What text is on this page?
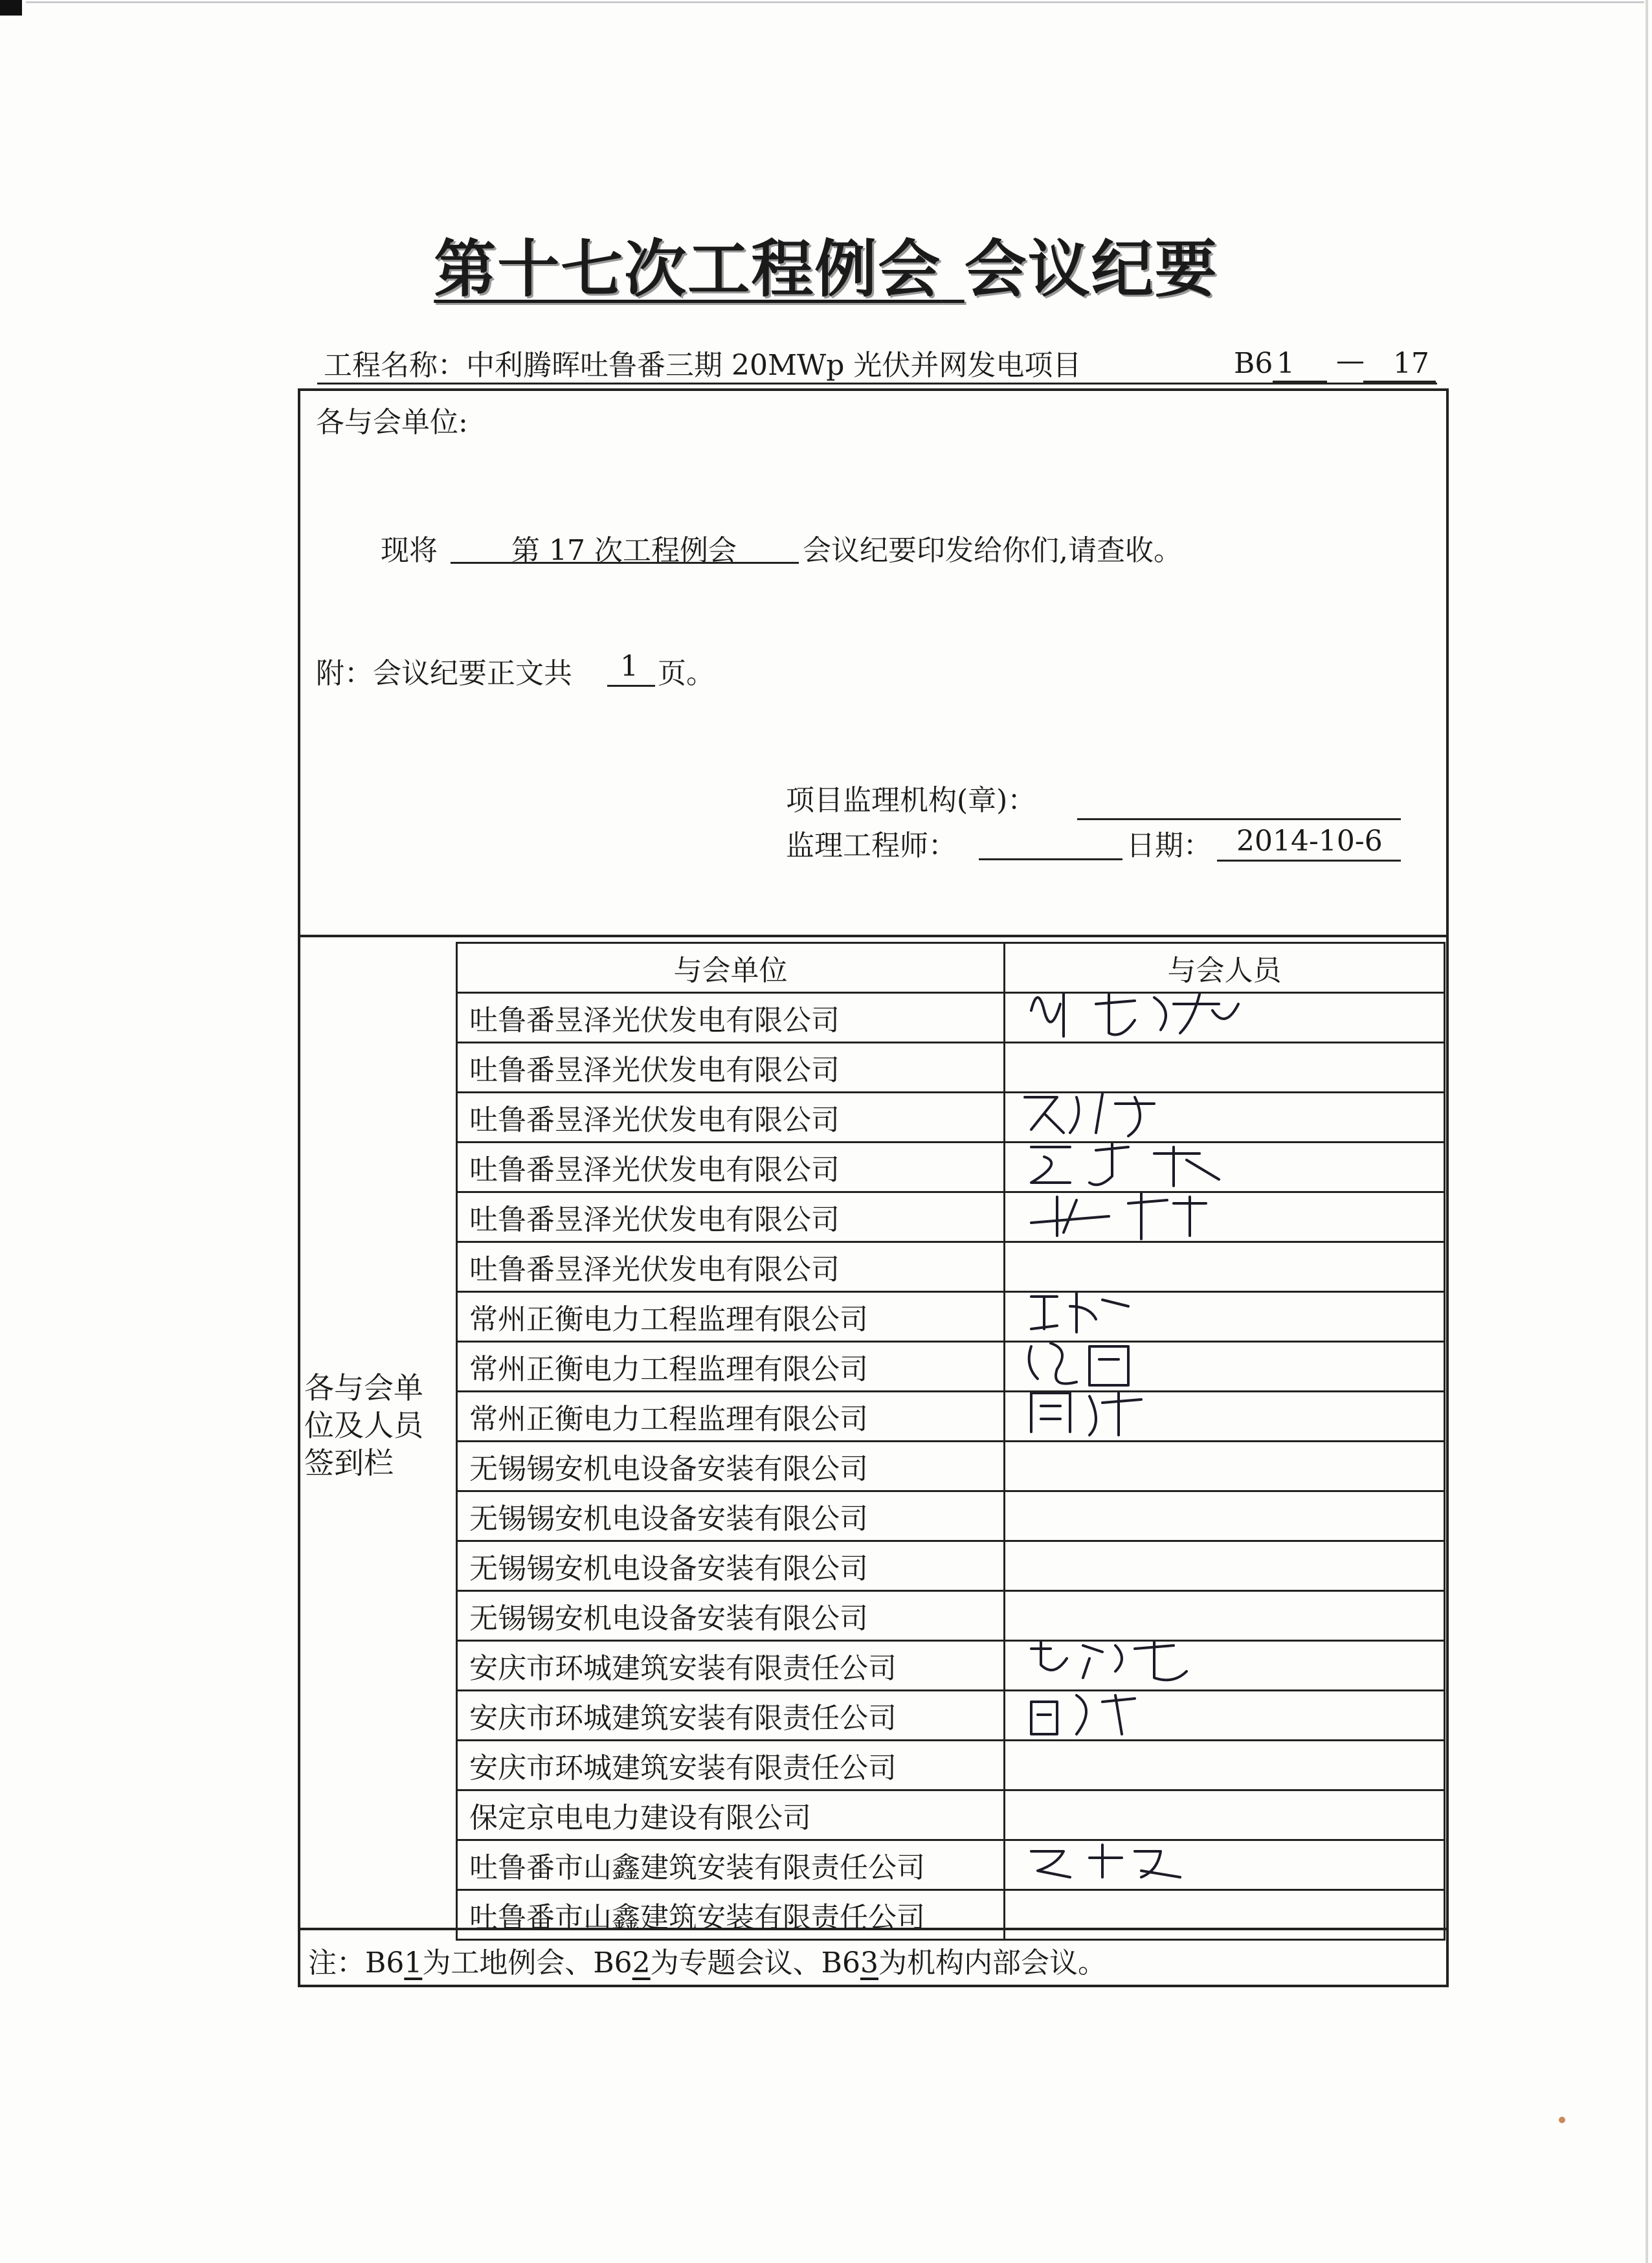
第十七次工程例会 会议纪要
工程名称：中利腾晖吐鲁番三期 20MWp 光伏并网发电项目	B6 1 — 17
各与会单位:
现将	第 17 次工程例会 会议纪要印发给你们,请查收。
附：会议纪要正文共 1 页。
项目监理机构(章)：
监理工程师：	日期： 2014-10-6
各与会单位及人员签到栏
与会单位	与会人员
吐鲁番昱泽光伏发电有限公司	

吐鲁番昱泽光伏发电有限公司	
吐鲁番昱泽光伏发电有限公司	

吐鲁番昱泽光伏发电有限公司	

吐鲁番昱泽光伏发电有限公司	

吐鲁番昱泽光伏发电有限公司	
常州正衡电力工程监理有限公司	

常州正衡电力工程监理有限公司	

常州正衡电力工程监理有限公司	

无锡锡安机电设备安装有限公司	
无锡锡安机电设备安装有限公司	
无锡锡安机电设备安装有限公司	
无锡锡安机电设备安装有限公司	
安庆市环城建筑安装有限责任公司	

安庆市环城建筑安装有限责任公司	

安庆市环城建筑安装有限责任公司	
保定京电电力建设有限公司	
吐鲁番市山鑫建筑安装有限责任公司	

吐鲁番市山鑫建筑安装有限责任公司	
注：B61为工地例会、B62为专题会议、B63为机构内部会议。
